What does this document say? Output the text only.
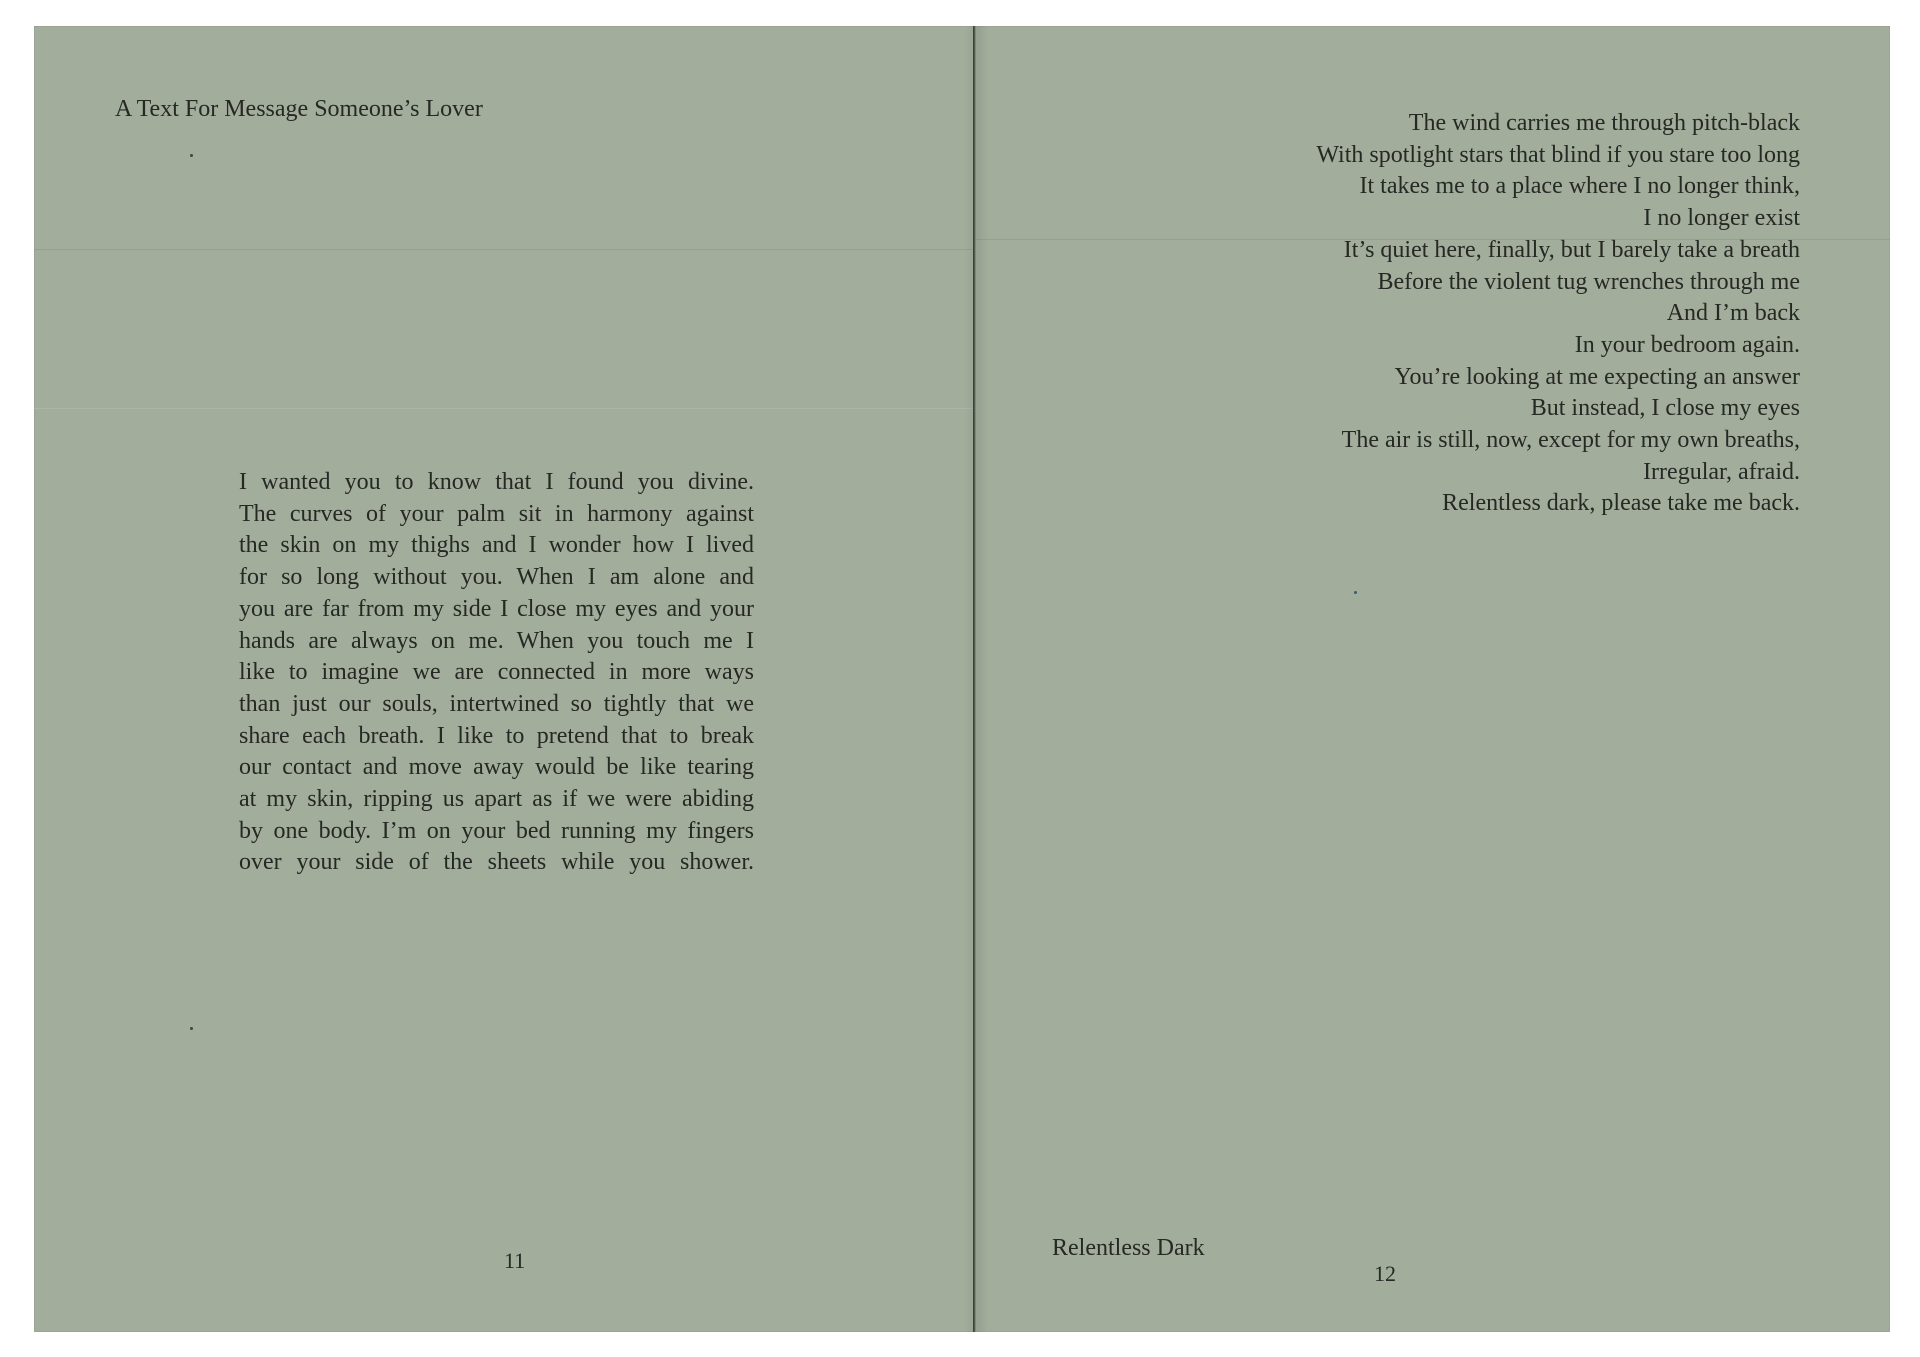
A Text For Message Someone’s Lover
I wanted you to know that I found you divine.
The curves of your palm sit in harmony against
the skin on my thighs and I wonder how I lived
for so long without you. When I am alone and
you are far from my side I close my eyes and your
hands are always on me. When you touch me I
like to imagine we are connected in more ways
than just our souls, intertwined so tightly that we
share each breath. I like to pretend that to break
our contact and move away would be like tearing
at my skin, ripping us apart as if we were abiding
by one body. I’m on your bed running my fingers
over your side of the sheets while you shower.
11
The wind carries me through pitch-black
With spotlight stars that blind if you stare too long
It takes me to a place where I no longer think,
I no longer exist
It’s quiet here, finally, but I barely take a breath
Before the violent tug wrenches through me
And I’m back
In your bedroom again.
You’re looking at me expecting an answer
But instead, I close my eyes
The air is still, now, except for my own breaths,
Irregular, afraid.
Relentless dark, please take me back.
Relentless Dark
12
